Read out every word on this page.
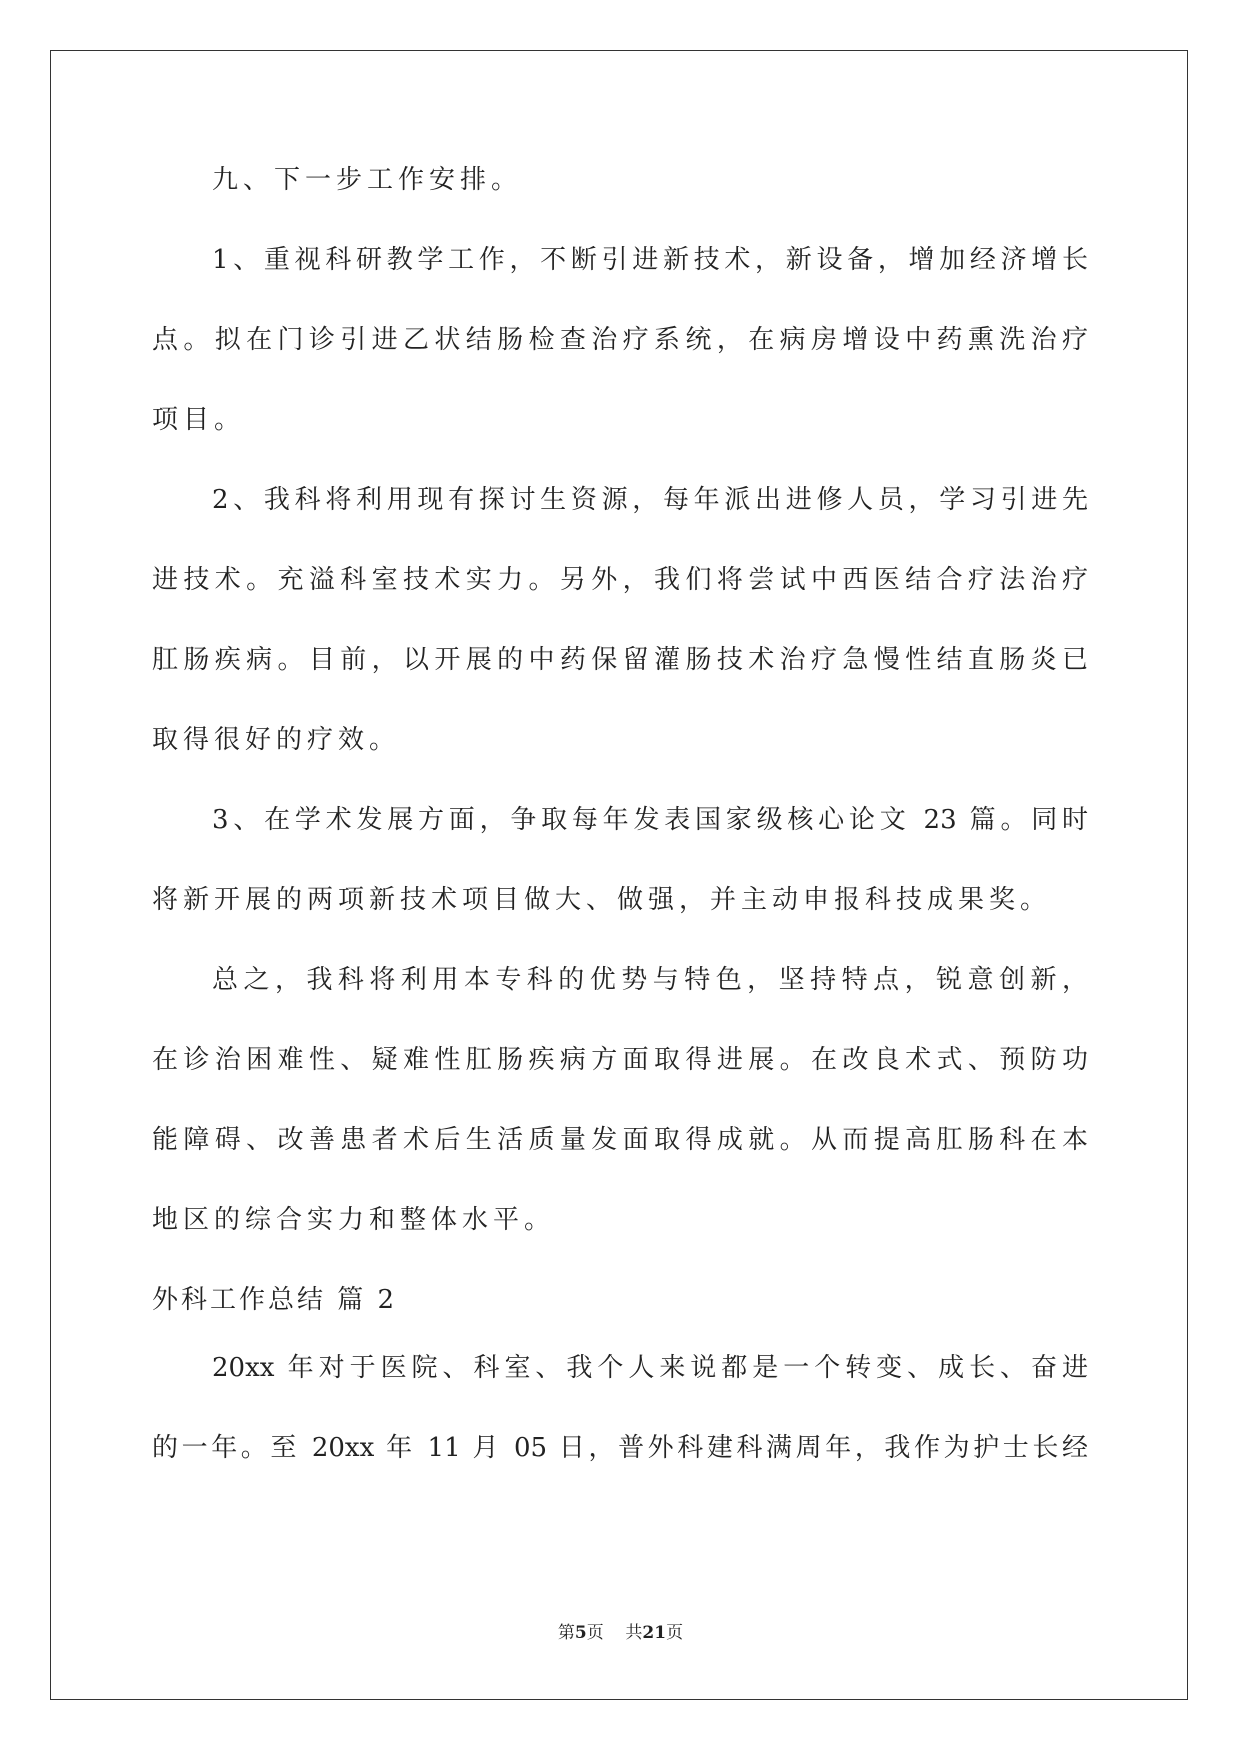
九、下一步工作安排。
1、重视科研教学工作，不断引进新技术，新设备，增加经济增长
点。拟在门诊引进乙状结肠检查治疗系统，在病房增设中药熏洗治疗
项目。
2、我科将利用现有探讨生资源，每年派出进修人员，学习引进先
进技术。充溢科室技术实力。另外，我们将尝试中西医结合疗法治疗
肛肠疾病。目前，以开展的中药保留灌肠技术治疗急慢性结直肠炎已
取得很好的疗效。
3、在学术发展方面，争取每年发表国家级核心论文 23 篇。同时
将新开展的两项新技术项目做大、做强，并主动申报科技成果奖。
总之，我科将利用本专科的优势与特色，坚持特点，锐意创新，
在诊治困难性、疑难性肛肠疾病方面取得进展。在改良术式、预防功
能障碍、改善患者术后生活质量发面取得成就。从而提高肛肠科在本
地区的综合实力和整体水平。
外科工作总结 篇 2
20xx 年对于医院、科室、我个人来说都是一个转变、成长、奋进
的一年。至 20xx 年 11 月 05 日，普外科建科满周年，我作为护士长经
第5页    共21页
